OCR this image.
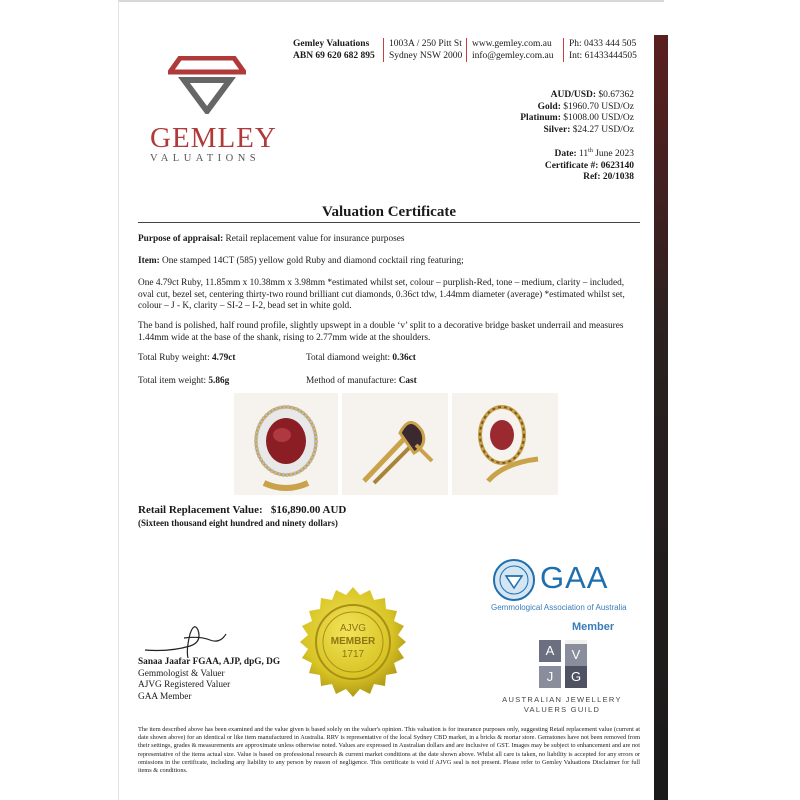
Gemley Valuations
ABN 69 620 682 895
1003A / 250 Pitt St
Sydney NSW 2000
www.gemley.com.au
info@gemley.com.au
Ph: 0433 444 505
Int: 61433444505
GEMLEY
VALUATIONS
AUD/USD: $0.67362
Gold: $1960.70 USD/Oz
Platinum: $1008.00 USD/Oz
Silver: $24.27 USD/Oz
Date: 11th June 2023
Certificate #: 0623140
Ref: 20/1038
Valuation Certificate
Purpose of appraisal: Retail replacement value for insurance purposes
Item: One stamped 14CT (585) yellow gold Ruby and diamond cocktail ring featuring;
One 4.79ct Ruby, 11.85mm x 10.38mm x 3.98mm *estimated whilst set, colour – purplish-Red, tone – medium, clarity – included, oval cut, bezel set, centering thirty-two round brilliant cut diamonds, 0.36ct tdw, 1.44mm diameter (average) *estimated whilst set, colour – J - K, clarity – SI-2 – I-2, bead set in white gold.
The band is polished, half round profile, slightly upswept in a double ‘v’ split to a decorative bridge basket underrail and measures 1.44mm wide at the base of the shank, rising to 2.77mm wide at the shoulders.
Total Ruby weight: 4.79ct	Total diamond weight: 0.36ct
Total item weight: 5.86g	Method of manufacture: Cast
Retail Replacement Value: $16,890.00 AUD
(Sixteen thousand eight hundred and ninety dollars)
AJVG
MEMBER
1717
Sanaa Jaafar FGAA, AJP, dpG, DG
Gemmologist & Valuer
AJVG Registered Valuer
GAA Member
GAA
Gemmological Association of Australia
Member
A	V
J	G
AUSTRALIAN JEWELLERY
VALUERS GUILD
The item described above has been examined and the value given is based solely on the valuer's opinion. This valuation is for insurance purposes only, suggesting Retail replacement value (current at date shown above) for an identical or like item manufactured in Australia. RRV is representative of the local Sydney CBD market, in a bricks & mortar store. Gemstones have not been removed from their settings, grades & measurements are approximate unless otherwise noted. Values are expressed in Australian dollars and are inclusive of GST. Images may be subject to enhancement and are not representative of the items actual size. Value is based on professional research & current market conditions at the date shown above. Whilst all care is taken, no liability is accepted for any errors or omissions in the certificate, including any liability to any person by reason of negligence. This certificate is void if AJVG seal is not present. Please refer to Gemley Valuations Disclaimer for full items & conditions.
